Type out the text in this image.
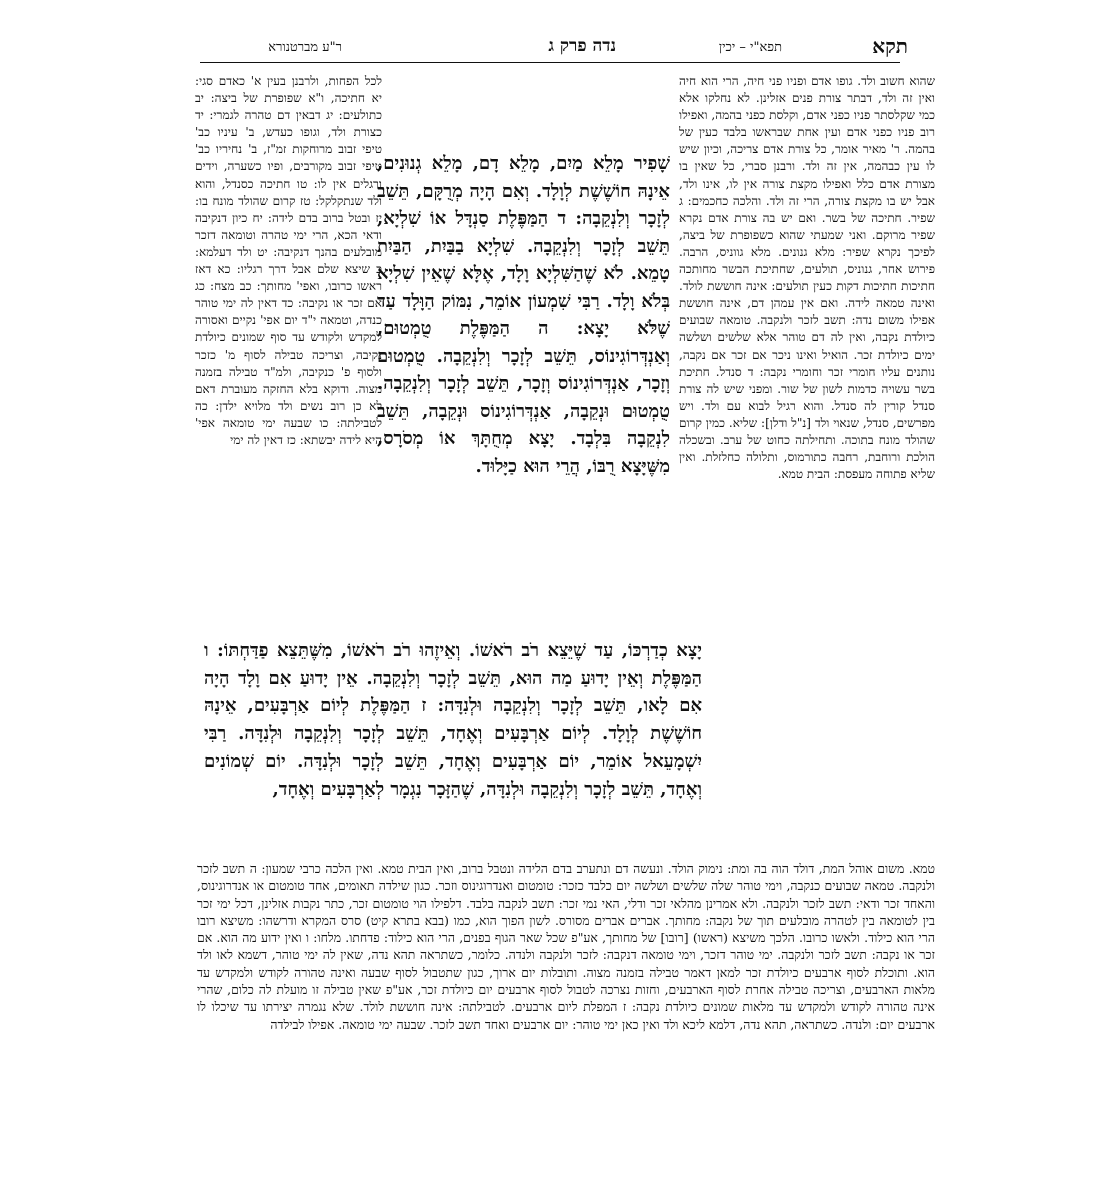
תקא
תפא"י – יכין
נדה פרק ג
ר"ע מברטנורא
שהוא חשוב ולד. גופו אדם ופניו פני חיה, הרי הוא חיה ואין זה ולד, דבתר צורת פנים אזלינן. לא נחלקו אלא כמי שקלסתר פניו כפני אדם, וקלסת כפני בהמה, ואפילו רוב פניו כפני אדם ועין אחת שבראשו בלבד כעין של בהמה. ר' מאיר אומר, כל צורת אדם צריכה, וכיון שיש לו עין כבהמה, אין זה ולד. ורבנן סברי, כל שאין בו מצורת אדם כלל ואפילו מקצת צורה אין לו, אינו ולד, אבל יש בו מקצת צורה, הרי זה ולד. והלכה כחכמים: ג שפיר. חתיכה של בשר. ואם יש בה צורת אדם נקרא שפיר מרוקם. ואני שמעתי שהוא כשפופרת של ביצה, לפיכך נקרא שפיר: מלא גנונים. מלא גווניס, הרבה. פירוש אחר, גנוניס, תולעים, שחתיכת הבשר מחותכה חתיכות חתיכות דקות כעין תולעים: אינה חוששת לולד. ואינה טמאה לידה. ואם אין עמהן דם, אינה חוששת אפילו משום נדה: תשב לזכר ולנקבה. טומאה שבועים כיולדת נקבה, ואין לה דם טוהר אלא שלשים ושלשה ימים כיולדת זכר. הואיל ואינו ניכר אם זכר אם נקבה, נותנים עליו חומרי זכר וחומרי נקבה: ד סנדל. חתיכת בשר עשויה כדמות לשון של שור. ומפני שיש לה צורת סנדל קורין לה סנדל. והוא רגיל לבוא עם ולד. ויש מפרשים, סנדל, שנאוי ולד [נ"ל ודלן]: שליא. כמין קרום שהולד מונח בתוכה. ותחילתה כחוט של ערב. ובשכלה הולכת ורוחבת, רחבה כתורמוס, ותלולה כחלזלת. ואין שליא פתוחה מעפסת: הבית טמא.
לכל הפחות, ולרבנן בעין א' כאדם סגי: יא חתיכה, ו"א שפופרת של ביצה: יב כתולעים: יג דבאין דם טהרה לגמרי: יד כצורת ולד, וגופו כעדש, ב' עיניו כב' טיפי זבוב מרוחקות זמ"ז, ב' נחיריו כב' טיפי זבוב מקורבים, ופיו כשערה, וידים ורגלים אין לו: טו חתיכה כסנדל, והוא ולד שנתקלקל: טז קרום שהולד מונח בו: יז ובטל ברוב בדם לידה: יח כיון דנקיבה ודאי הכא, הרי ימי טהרה וטומאה דזכר מובלעים בהנך דנקיבה: יט ולד דעלמא: כ שיצא שלם אבל דרך רגליו: כא דאז ראשו כרובו, ואפי' מחותך: כב מצח: כג אם זכר או נקיבה: כד דאין לה ימי טוהר כנדה, וטמאה י"ד יום אפי' נקיים ואסורה למקדש ולקודש עד סוף שמונים כיולדת נקיבה, וצריכה טבילה לסוף מ' כזכר ולסוף פ' כנקיבה, ולמ"ד טבילה בזמנה מצוה. ודוקא בלא החזקה מעוברת דאם לא כן רוב נשים ולד מלויא ילדן: כה לטבילתה: כו שבעה ימי טומאה אפי' היא לידה יבשתא: כז דאין לה ימי
שָׁפִיר מָלֵא מַיִם, מָלֵא דָם, מָלֵא גְנוּנִים, אֵינָהּ חוֹשֶׁשֶׁת לְוָלָד. וְאִם הָיָה מְרֻקָּם, תֵּשֵׁב לְזָכָר וְלִנְקֵבָה: ד הַמַּפֶּלֶת סַנְדָּל אוֹ שִׁלְיָא, תֵּשֵׁב לְזָכָר וְלִנְקֵבָה. שִׁלְיָא בַבַּיִת, הַבַּיִת טָמֵא. לֹא שֶׁהַשִּׁלְיָא וָלָד, אֶלָּא שֶׁאֵין שִׁלְיָא בְּלֹא וָלָד. רַבִּי שִׁמְעוֹן אוֹמֵר, נִמּוֹק הַוָּלָד עַד שֶׁלֹּא יָצָא: ה הַמַּפֶּלֶת טֻמְטוּם, וְאַנְדְּרוֹגִינוֹס, תֵּשֵׁב לְזָכָר וְלִנְקֵבָה. טֻמְטוּם וְזָכָר, אַנְדְּרוֹגִינוֹס וְזָכָר, תֵּשֵׁב לְזָכָר וְלִנְקֵבָה. טֻמְטוּם וּנְקֵבָה, אַנְדְּרוֹגִינוֹס וּנְקֵבָה, תֵּשֵׁב לִנְקֵבָה בִּלְבָד. יָצָא מְחֻתָּךְ אוֹ מְסֹרָס, מִשֶּׁיָּצָא רֻבּוֹ, הֲרֵי הוּא כַיָּלוּד.
יָצָא כְדַרְכּוֹ, עַד שֶׁיֵּצֵא רֹב רֹאשׁוֹ. וְאֵיזֶהוּ רֹב רֹאשׁוֹ, מִשֶּׁתֵּצֵא פַדַּחְתּוֹ: ו הַמַּפֶּלֶת וְאֵין יָדוּעַ מַה הוּא, תֵּשֵׁב לְזָכָר וְלִנְקֵבָה. אֵין יָדוּעַ אִם וָלָד הָיָה אִם לָאו, תֵּשֵׁב לְזָכָר וְלִנְקֵבָה וּלְנִדָּה: ז הַמַּפֶּלֶת לְיוֹם אַרְבָּעִים, אֵינָהּ חוֹשֶׁשֶׁת לְוָלָד. לְיוֹם אַרְבָּעִים וְאֶחָד, תֵּשֵׁב לְזָכָר וְלִנְקֵבָה וּלְנִדָּה. רַבִּי יִשְׁמָעֵאל אוֹמֵר, יוֹם אַרְבָּעִים וְאֶחָד, תֵּשֵׁב לְזָכָר וּלְנִדָּה. יוֹם שְׁמוֹנִים וְאֶחָד, תֵּשֵׁב לְזָכָר וְלִנְקֵבָה וּלְנִדָּה, שֶׁהַזָּכָר נִגְמָר לְאַרְבָּעִים וְאֶחָד,
טמא. משום אוהל המת, דולד הוה בה ומת: נימוק הולד. ונעשה דם ונתערב בדם הלידה ונטבל ברוב, ואין הבית טמא. ואין הלכה כרבי שמעון: ה תשב לזכר ולנקבה. טמאה שבועים כנקבה, וימי טוהר שלה שלשים ושלשה יום כלבד כזכר: טומטום ואנדרוגינוס וזכר. כגון שילדה תאומים, אחד טומטום או אנדרוגינוס, והאחד זכר ודאי: תשב לזכר ולנקבה. ולא אמרינן מהלאי זכר ודלי, האי נמי זכר: תשב לנקבה בלבד. דלפילו הוי טומטום זכר, כתר נקבות אזלינן, דכל ימי זכר בין לטומאה בין לטהרה מובלעים תוך של נקבה: מחותך. אברים אברים מסורס. לשון הפוך הוא, כמו (בבא בתרא קיט) סרס המקרא ודרשהו: משיצא רובו הרי הוא כילוד. ולאשו כרובו. הלכך משיצא (ראשו) [רובו] של מחותך, אע"פ שכל שאר הגוף בפנים, הרי הוא כילוד: פדחתו. מלחו: ו ואין ידוע מה הוא. אם זכר או נקבה: תשב לזכר ולנקבה. ימי טוהר דזכר, וימי טומאה דנקבה: לזכר ולנקבה ולנדה. כלומר, כשתראה תהא נדה, שאין לה ימי טוהר, דשמא לאו ולד הוא. ותוכלת לסוף ארבעים כיולדת זכר למאן דאמר טבילה בזמנה מצוה. ותובלות יום ארוך, כגון שתטבול לסוף שבעה ואינה טהורה לקודש ולמקדש עד מלאות הארבעים, וצריכה טבילה אחרת לסוף הארבעים, וחזות נצרכה לטבול לסוף ארבעים יום כיולדת זכר, אע"פ שאין טבילה זו מועלת לה כלום, שהרי אינה טהורה לקודש ולמקדש עד מלאות שמונים כיולדת נקבה: ז המפלת ליום ארבעים. לטבילתה: אינה חוששת לולד. שלא נגמרה יצירתו עד שיכלו לו ארבעים יום: ולנדה. כשתראה, תהא נדה, דלמא ליכא ולד ואין כאן ימי טוהר: יום ארבעים ואחד תשב לזכר. שבעה ימי טומאה. אפילו לבילדה
